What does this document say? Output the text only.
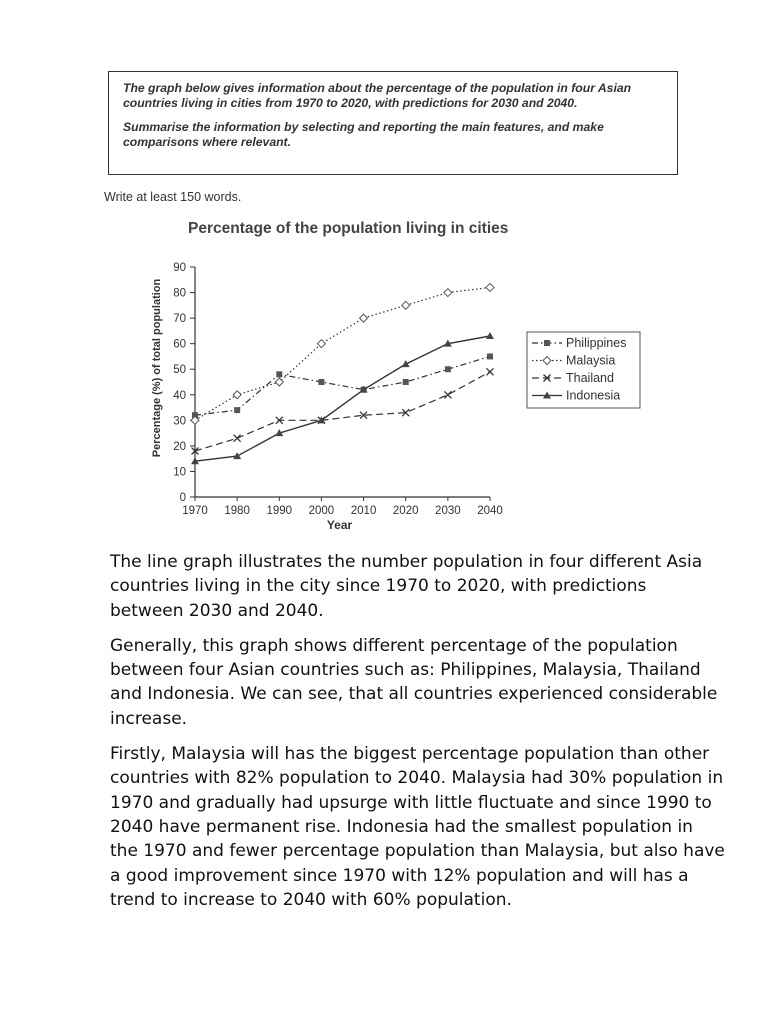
The graph below gives information about the percentage of the population in four Asian countries living in cities from 1970 to 2020, with predictions for 2030 and 2040.

Summarise the information by selecting and reporting the main features, and make comparisons where relevant.

Write at least 150 words.
Percentage of the population living in cities
0
10
20
30
40
50
60
70
80
90
1970 1980 1990 2000 2010 2020 2030 2040
Year
Percentage (%) of total population	Philippines
Malaysia
Thailand
Indonesia

The line graph illustrates the number population in four different Asia countries living in the city since 1970 to 2020, with predictions between 2030 and 2040.

Generally, this graph shows different percentage of the population between four Asian countries such as: Philippines, Malaysia, Thailand and Indonesia. We can see, that all countries experienced considerable increase.

Firstly, Malaysia will has the biggest percentage population than other countries with 82% population to 2040. Malaysia had 30% population in 1970 and gradually had upsurge with little fluctuate and since 1990 to 2040 have permanent rise. Indonesia had the smallest population in the 1970 and fewer percentage population than Malaysia, but also have a good improvement since 1970 with 12% population and will has a trend to increase to 2040 with 60% population.
